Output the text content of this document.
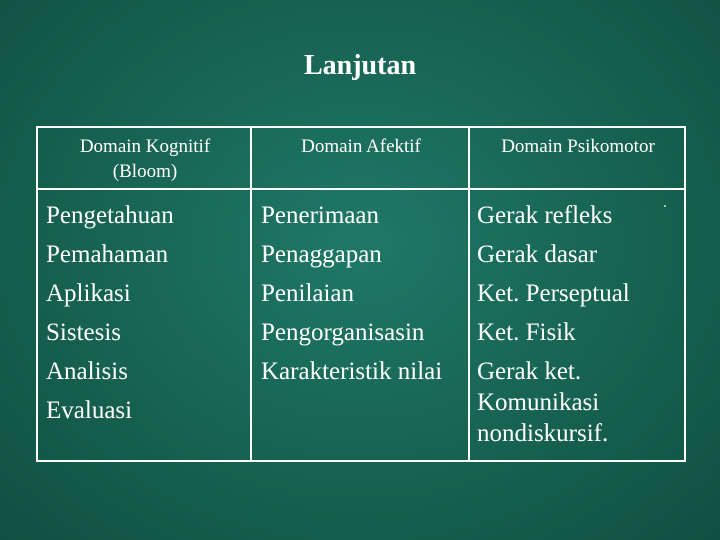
Lanjutan
Domain Kognitif
(Bloom)
Pengetahuan
Pemahaman
Aplikasi
Sistesis
Analisis
Evaluasi
Domain Afektif
Penerimaan
Penaggapan
Penilaian
Pengorganisasin
Karakteristik nilai
Domain Psikomotor
Gerak refleks
Gerak dasar
Ket. Perseptual
Ket. Fisik
Gerak ket.
Komunikasi
nondiskursif.
